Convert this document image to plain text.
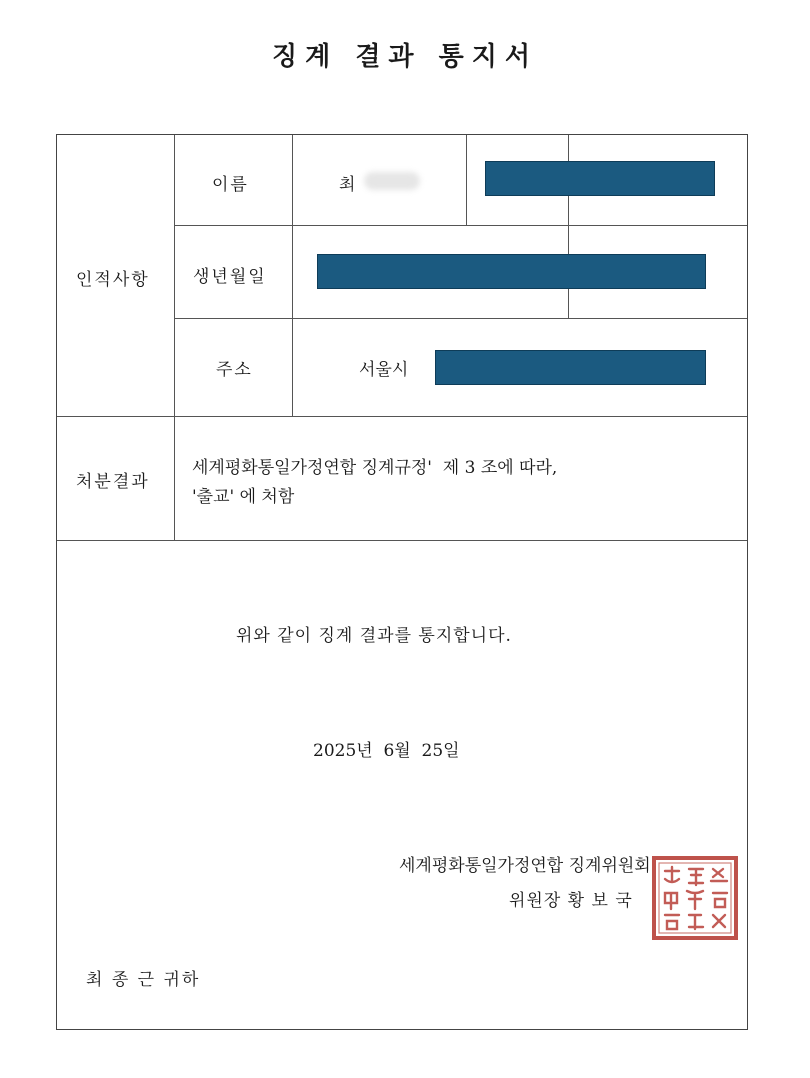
징계 결과 통지서
인적사항
처분결과
이름	최
생년월일
주소	서울시
세계평화통일가정연합 징계규정'  제 3 조에 따라,
'출교' 에 처함
위와 같이 징계 결과를 통지합니다.
2025년  6월  25일
세계평화통일가정연합 징계위원회
위원장 황 보 국
최 종 근 귀하
